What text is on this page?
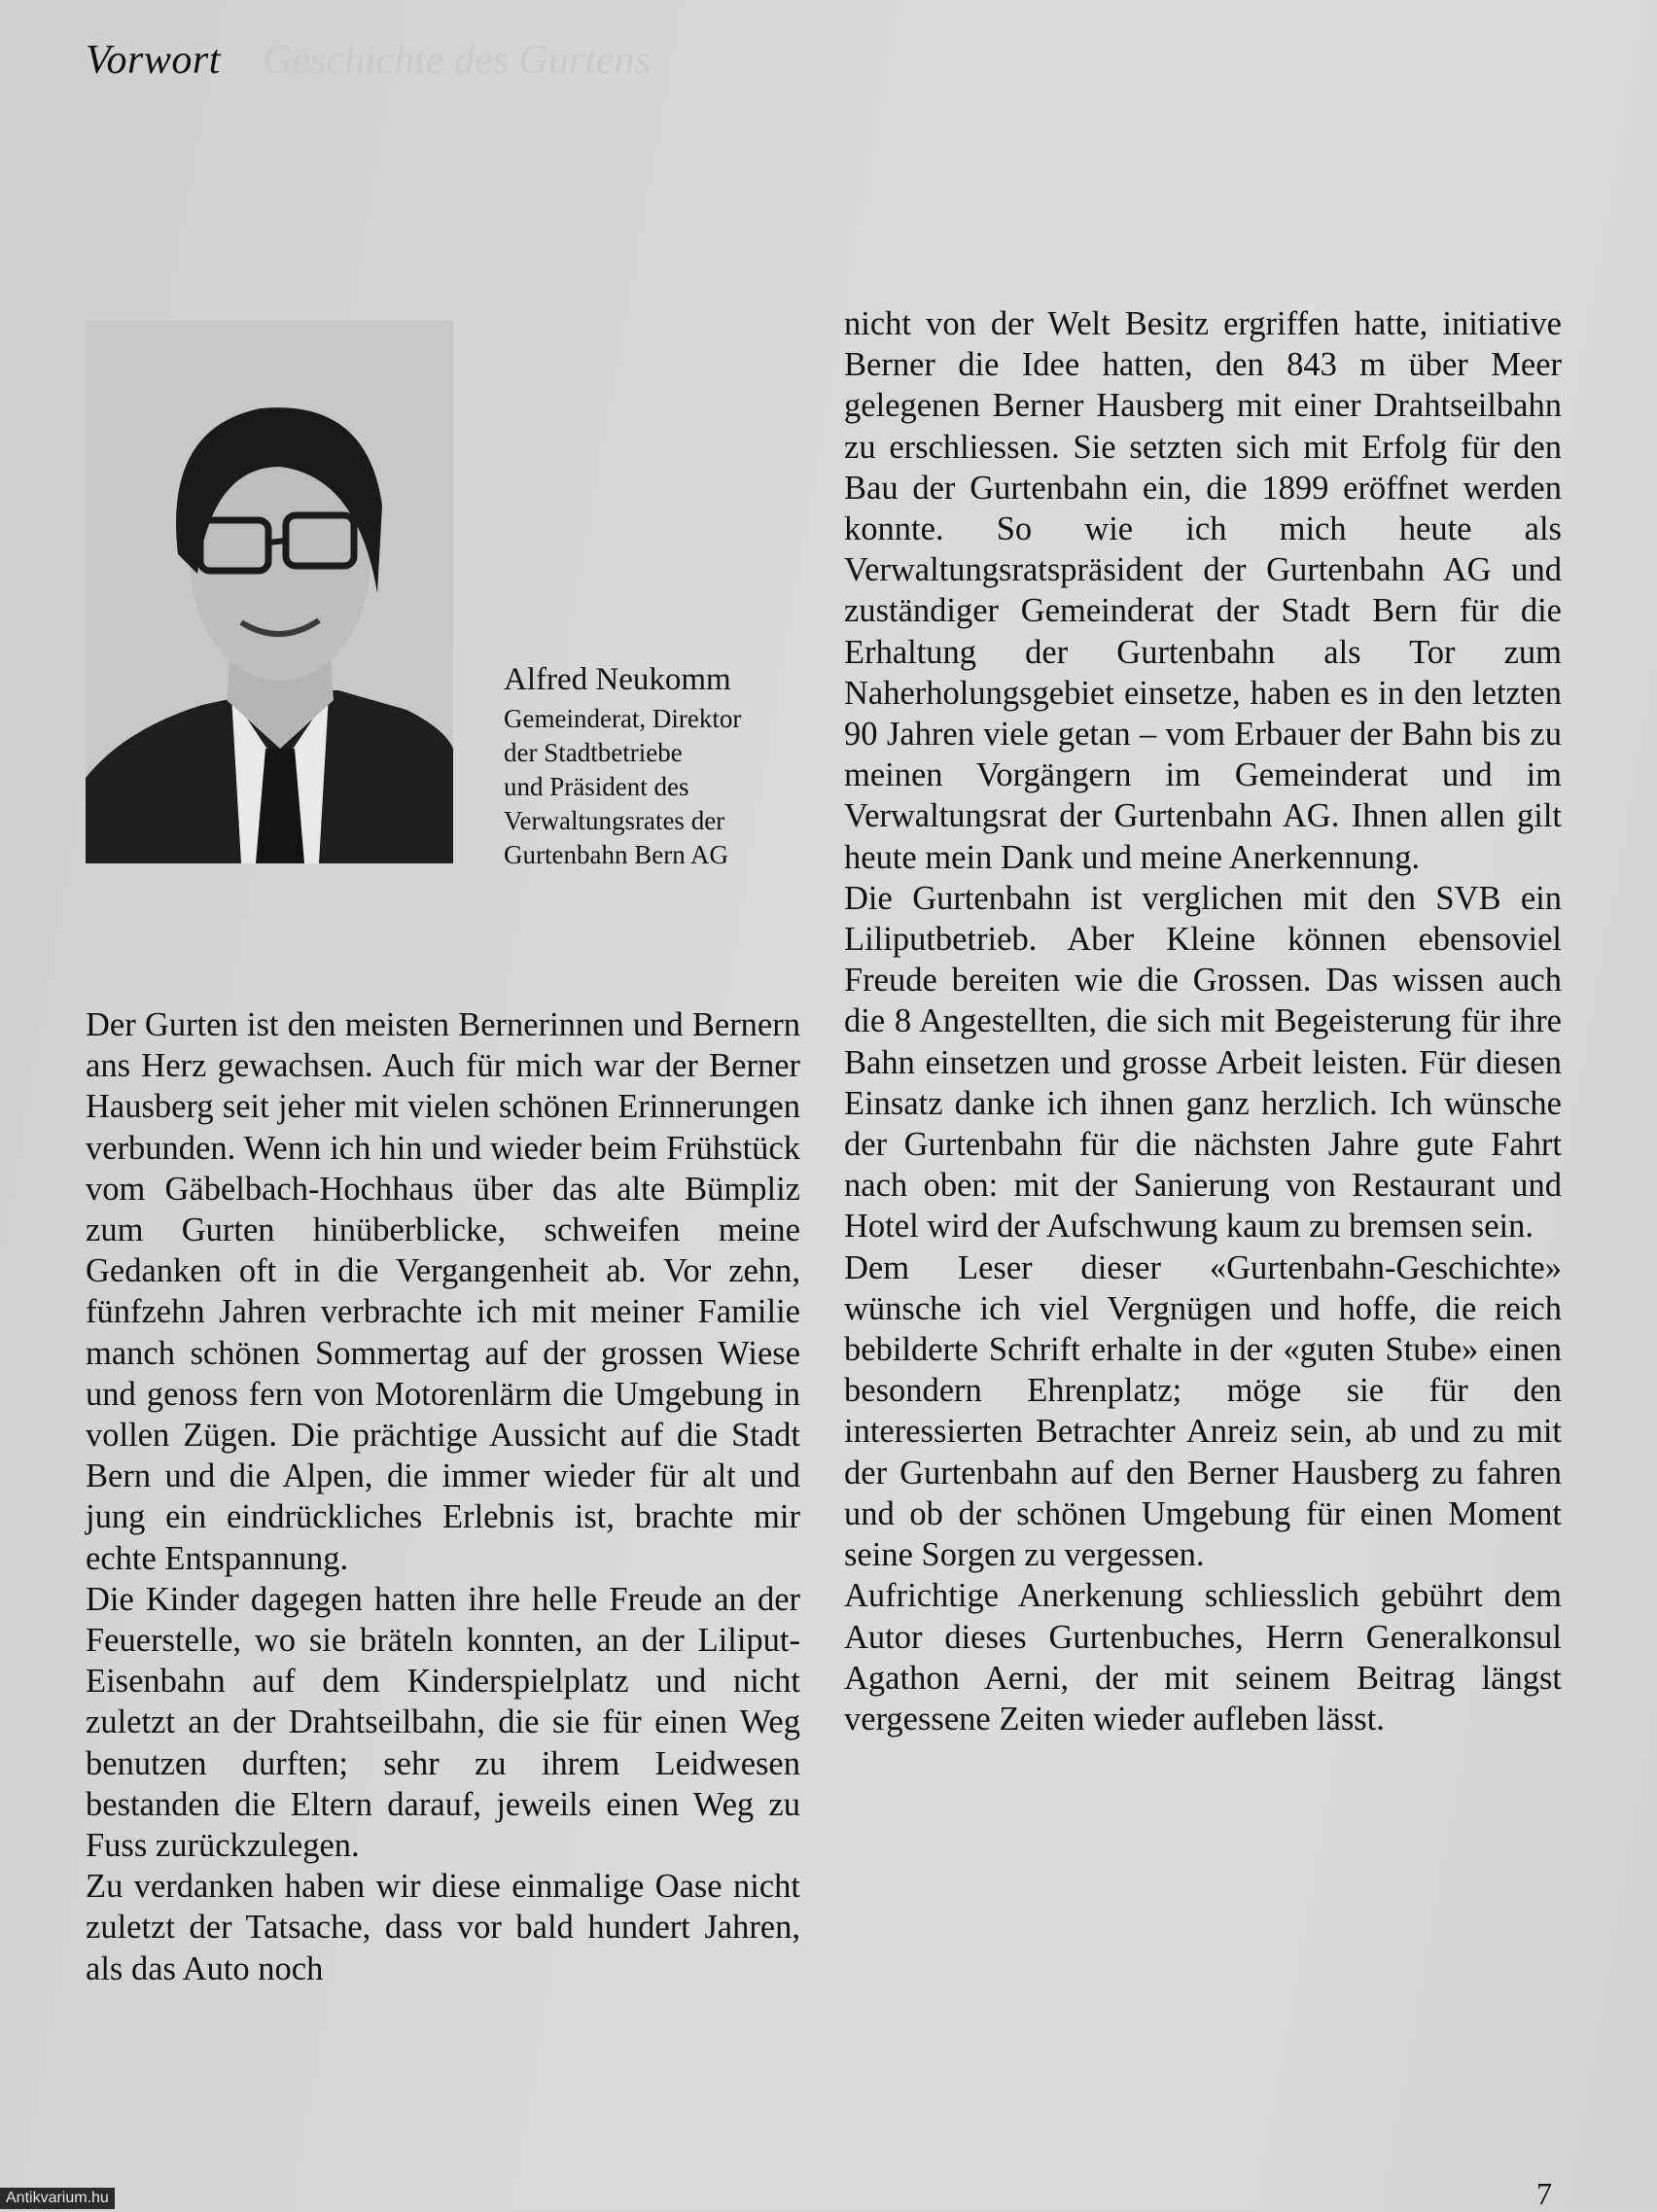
Geschichte des Gurtens
Vorwort
Alfred Neukomm
Gemeinderat, Direktor
der Stadtbetriebe
und Präsident des
Verwaltungsrates der
Gurtenbahn Bern AG

Der Gurten ist den meisten Bernerinnen und Bernern ans Herz gewachsen. Auch für mich war der Berner Hausberg seit jeher mit vielen schönen Erinnerungen verbunden. Wenn ich hin und wieder beim Frühstück vom Gäbelbach-Hochhaus über das alte Bümpliz zum Gurten hinüberblicke, schweifen meine Gedanken oft in die Vergangenheit ab. Vor zehn, fünfzehn Jahren verbrachte ich mit meiner Familie manch schönen Sommertag auf der grossen Wiese und genoss fern von Motorenlärm die Umgebung in vollen Zügen. Die prächtige Aussicht auf die Stadt Bern und die Alpen, die immer wieder für alt und jung ein eindrückliches Erlebnis ist, brachte mir echte Entspannung.

Die Kinder dagegen hatten ihre helle Freude an der Feuerstelle, wo sie bräteln konnten, an der Liliput-Eisenbahn auf dem Kinderspielplatz und nicht zuletzt an der Drahtseilbahn, die sie für einen Weg benutzen durften; sehr zu ihrem Leidwesen bestanden die Eltern darauf, jeweils einen Weg zu Fuss zurückzulegen.

Zu verdanken haben wir diese einmalige Oase nicht zuletzt der Tatsache, dass vor bald hundert Jahren, als das Auto noch

nicht von der Welt Besitz ergriffen hatte, initiative Berner die Idee hatten, den 843 m über Meer gelegenen Berner Hausberg mit einer Drahtseilbahn zu erschliessen. Sie setzten sich mit Erfolg für den Bau der Gurtenbahn ein, die 1899 eröffnet werden konnte. So wie ich mich heute als Verwaltungsratspräsident der Gurtenbahn AG und zuständiger Gemeinderat der Stadt Bern für die Erhaltung der Gurtenbahn als Tor zum Naherholungsgebiet einsetze, haben es in den letzten 90 Jahren viele getan – vom Erbauer der Bahn bis zu meinen Vorgängern im Gemeinderat und im Verwaltungsrat der Gurtenbahn AG. Ihnen allen gilt heute mein Dank und meine Anerkennung.

Die Gurtenbahn ist verglichen mit den SVB ein Liliputbetrieb. Aber Kleine können ebensoviel Freude bereiten wie die Grossen. Das wissen auch die 8 Angestellten, die sich mit Begeisterung für ihre Bahn einsetzen und grosse Arbeit leisten. Für diesen Einsatz danke ich ihnen ganz herzlich. Ich wünsche der Gurtenbahn für die nächsten Jahre gute Fahrt nach oben: mit der Sanierung von Restaurant und Hotel wird der Aufschwung kaum zu bremsen sein.

Dem Leser dieser «Gurtenbahn-Geschichte» wünsche ich viel Vergnügen und hoffe, die reich bebilderte Schrift erhalte in der «guten Stube» einen besondern Ehrenplatz; möge sie für den interessierten Betrachter Anreiz sein, ab und zu mit der Gurtenbahn auf den Berner Hausberg zu fahren und ob der schönen Umgebung für einen Moment seine Sorgen zu vergessen.

Aufrichtige Anerkenung schliesslich gebührt dem Autor dieses Gurtenbuches, Herrn Generalkonsul Agathon Aerni, der mit seinem Beitrag längst vergessene Zeiten wieder aufleben lässt.

7
Antikvarium.hu
